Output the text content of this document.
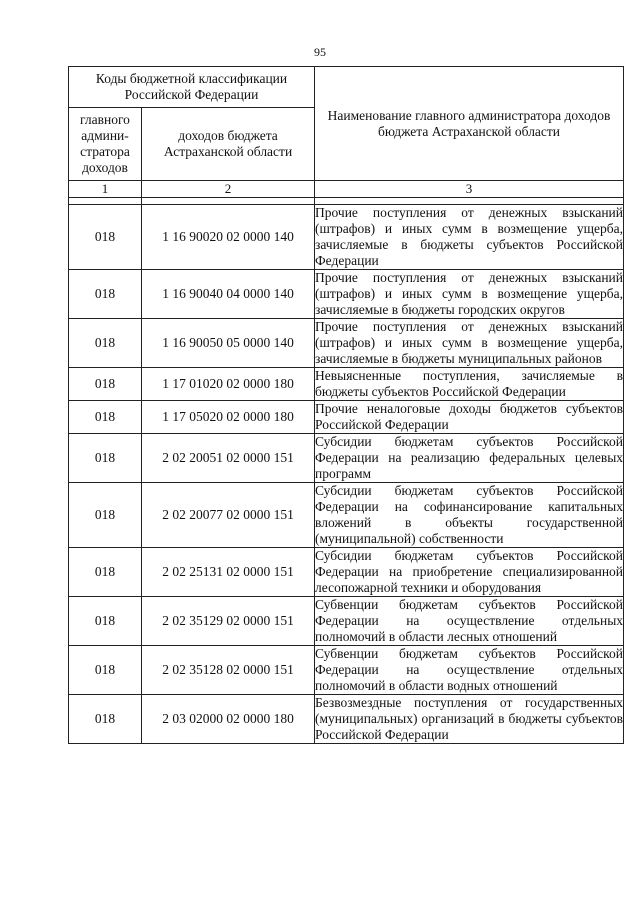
95
Коды бюджетной классификации Российской Федерации		Наименование главного администратора доходов бюджета Астраханской области
главного админи-стратора доходов	доходов бюджета Астраханской области	
1	2	3

018	1 16 90020 02 0000 140	Прочие поступления от денежных взысканий (штрафов) и иных сумм в возмещение ущерба, зачисляемые в бюджеты субъектов Российской Федерации
018	1 16 90040 04 0000 140	Прочие поступления от денежных взысканий (штрафов) и иных сумм в возмещение ущерба, зачисляемые в бюджеты городских округов
018	1 16 90050 05 0000 140	Прочие поступления от денежных взысканий (штрафов) и иных сумм в возмещение ущерба, зачисляемые в бюджеты муниципальных районов
018	1 17 01020 02 0000 180	Невыясненные поступления, зачисляемые в бюджеты субъектов Российской Федерации
018	1 17 05020 02 0000 180	Прочие неналоговые доходы бюджетов субъектов Российской Федерации
018	2 02 20051 02 0000 151	Субсидии бюджетам субъектов Российской Федерации на реализацию федеральных целевых программ
018	2 02 20077 02 0000 151	Субсидии бюджетам субъектов Российской Федерации на софинансирование капитальных вложений в объекты государственной (муниципальной) собственности
018	2 02 25131 02 0000 151	Субсидии бюджетам субъектов Российской Федерации на приобретение специализированной лесопожарной техники и оборудования
018	2 02 35129 02 0000 151	Субвенции бюджетам субъектов Российской Федерации на осуществление отдельных полномочий в области лесных отношений
018	2 02 35128 02 0000 151	Субвенции бюджетам субъектов Российской Федерации на осуществление отдельных полномочий в области водных отношений
018	2 03 02000 02 0000 180	Безвозмездные поступления от государственных (муниципальных) организаций в бюджеты субъектов Российской Федерации
